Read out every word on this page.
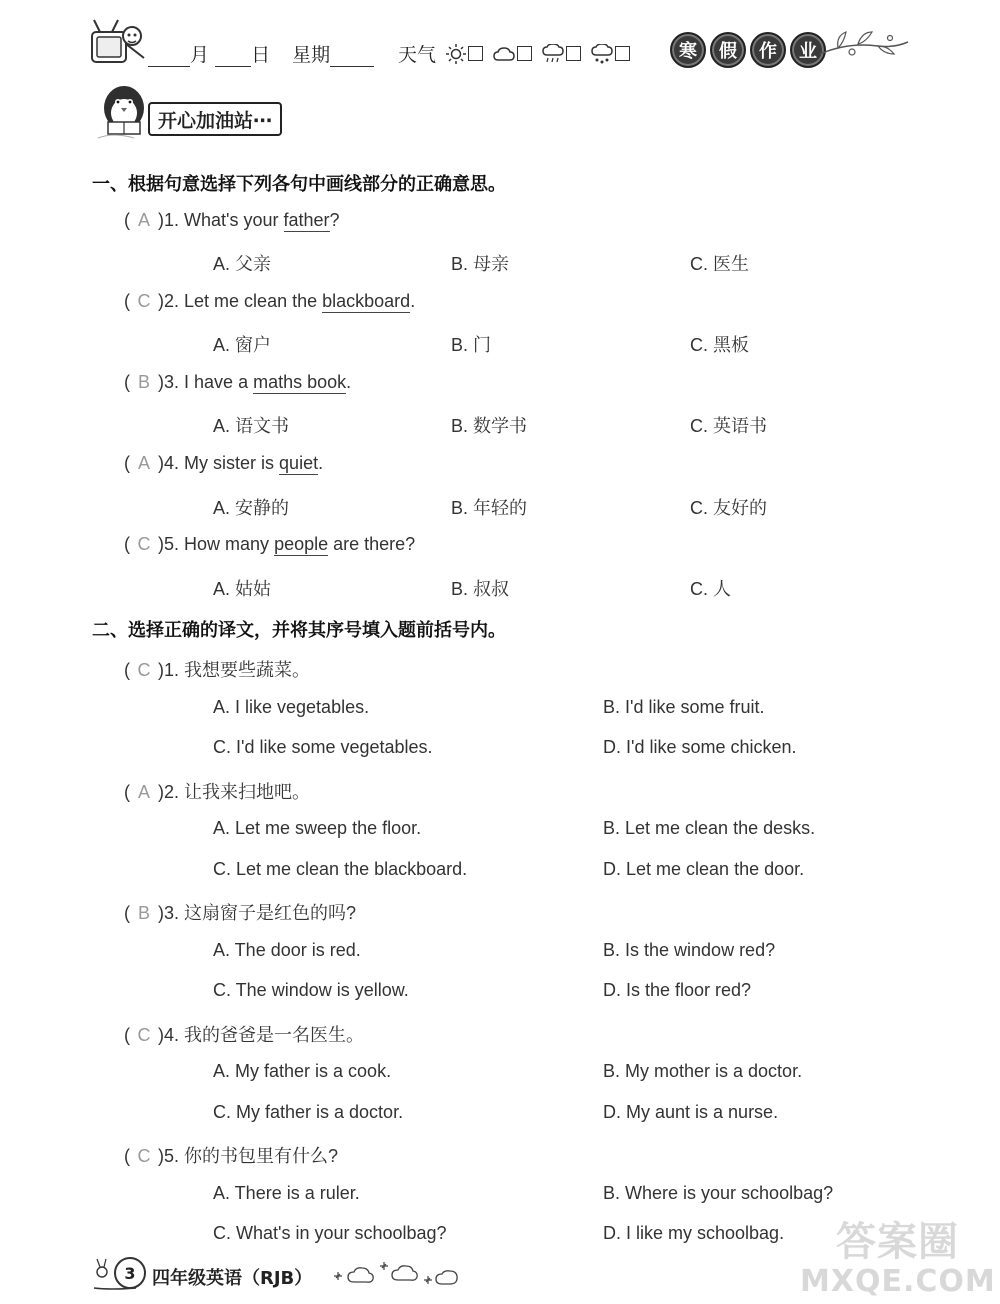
月 日 星期	天气	寒	假	作	业
开心加油站⋯
一、根据句意选择下列各句中画线部分的正确意思。
( A )1. What's your father?
A. 父亲	B. 母亲	C. 医生
( C )2. Let me clean the blackboard.
A. 窗户	B. 门	C. 黑板
( B )3. I have a maths book.
A. 语文书	B. 数学书	C. 英语书
( A )4. My sister is quiet.
A. 安静的	B. 年轻的	C. 友好的
( C )5. How many people are there?
A. 姑姑	B. 叔叔	C. 人
二、选择正确的译文，并将其序号填入题前括号内。
( C )1. 我想要些蔬菜。
A. I like vegetables.	B. I'd like some fruit.
C. I'd like some vegetables.	D. I'd like some chicken.
( A )2. 让我来扫地吧。
A. Let me sweep the floor.	B. Let me clean the desks.
C. Let me clean the blackboard.	D. Let me clean the door.
( B )3. 这扇窗子是红色的吗?
A. The door is red.	B. Is the window red?
C. The window is yellow.	D. Is the floor red?
( C )4. 我的爸爸是一名医生。
A. My father is a cook.	B. My mother is a doctor.
C. My father is a doctor.	D. My aunt is a nurse.
( C )5. 你的书包里有什么?
A. There is a ruler.	B. Where is your schoolbag?
C. What's in your schoolbag?	D. I like my schoolbag.
3 四年级英语（RJB）
答案圈
MXQE.COM
